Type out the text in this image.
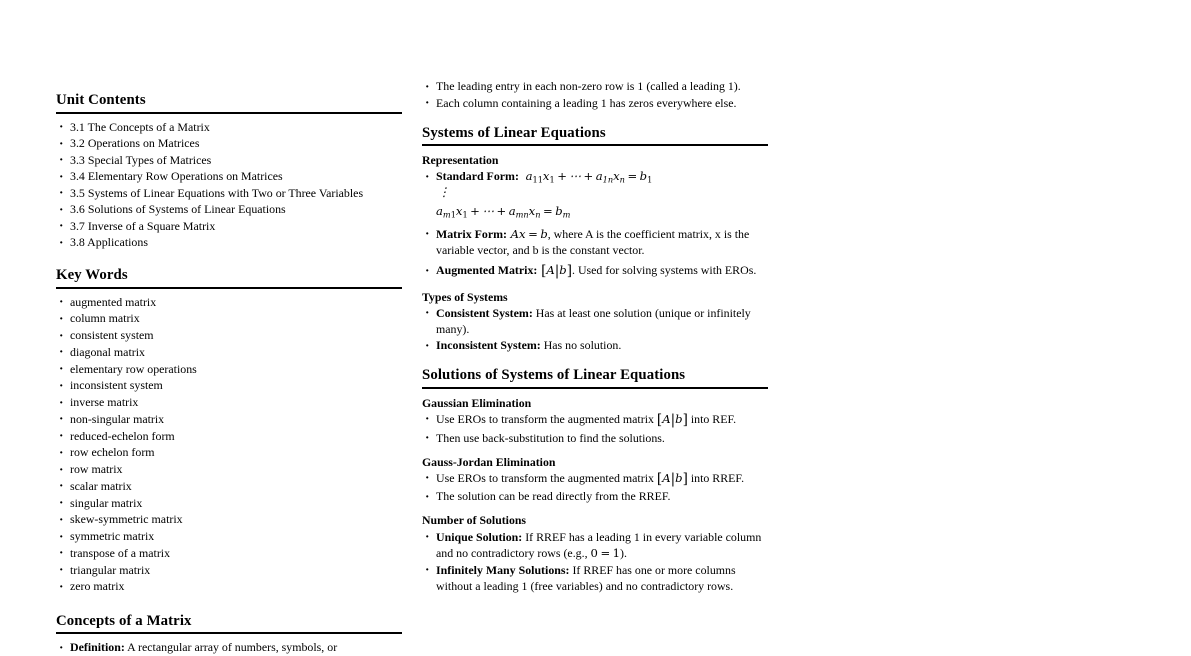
Unit Contents
· 3.1 The Concepts of a Matrix
· 3.2 Operations on Matrices
· 3.3 Special Types of Matrices
· 3.4 Elementary Row Operations on Matrices
· 3.5 Systems of Linear Equations with Two or Three Variables
· 3.6 Solutions of Systems of Linear Equations
· 3.7 Inverse of a Square Matrix
· 3.8 Applications
Key Words
· augmented matrix
· column matrix
· consistent system
· diagonal matrix
· elementary row operations
· inconsistent system
· inverse matrix
· non-singular matrix
· reduced-echelon form
· row echelon form
· row matrix
· scalar matrix
· singular matrix
· skew-symmetric matrix
· symmetric matrix
· transpose of a matrix
· triangular matrix
· zero matrix
Concepts of a Matrix
· Definition: A rectangular array of numbers, symbols, or
· The leading entry in each non-zero row is 1 (called a leading 1).
· Each column containing a leading 1 has zeros everywhere else.
Systems of Linear Equations
Representation
· Standard Form:  $a_{11}x_1$ + ⋯ + $a_{1n}x_n = b_1$
⋮
$a_{m1}x_1$ + ⋯ + $a_{mn}x_n = b_m$
· Matrix Form: Ax = b, where A is the coefficient matrix, x is the variable vector, and b is the constant vector.
· Augmented Matrix: [A|b]. Used for solving systems with EROs.
Types of Systems
· Consistent System: Has at least one solution (unique or infinitely many).
· Inconsistent System: Has no solution.
Solutions of Systems of Linear Equations
Gaussian Elimination
· Use EROs to transform the augmented matrix [A|b] into REF.
· Then use back-substitution to find the solutions.
Gauss-Jordan Elimination
· Use EROs to transform the augmented matrix [A|b] into RREF.
· The solution can be read directly from the RREF.
Number of Solutions
· Unique Solution: If RREF has a leading 1 in every variable column and no contradictory rows (e.g., 0 = 1).
· Infinitely Many Solutions: If RREF has one or more columns without a leading 1 (free variables) and no contradictory rows.
